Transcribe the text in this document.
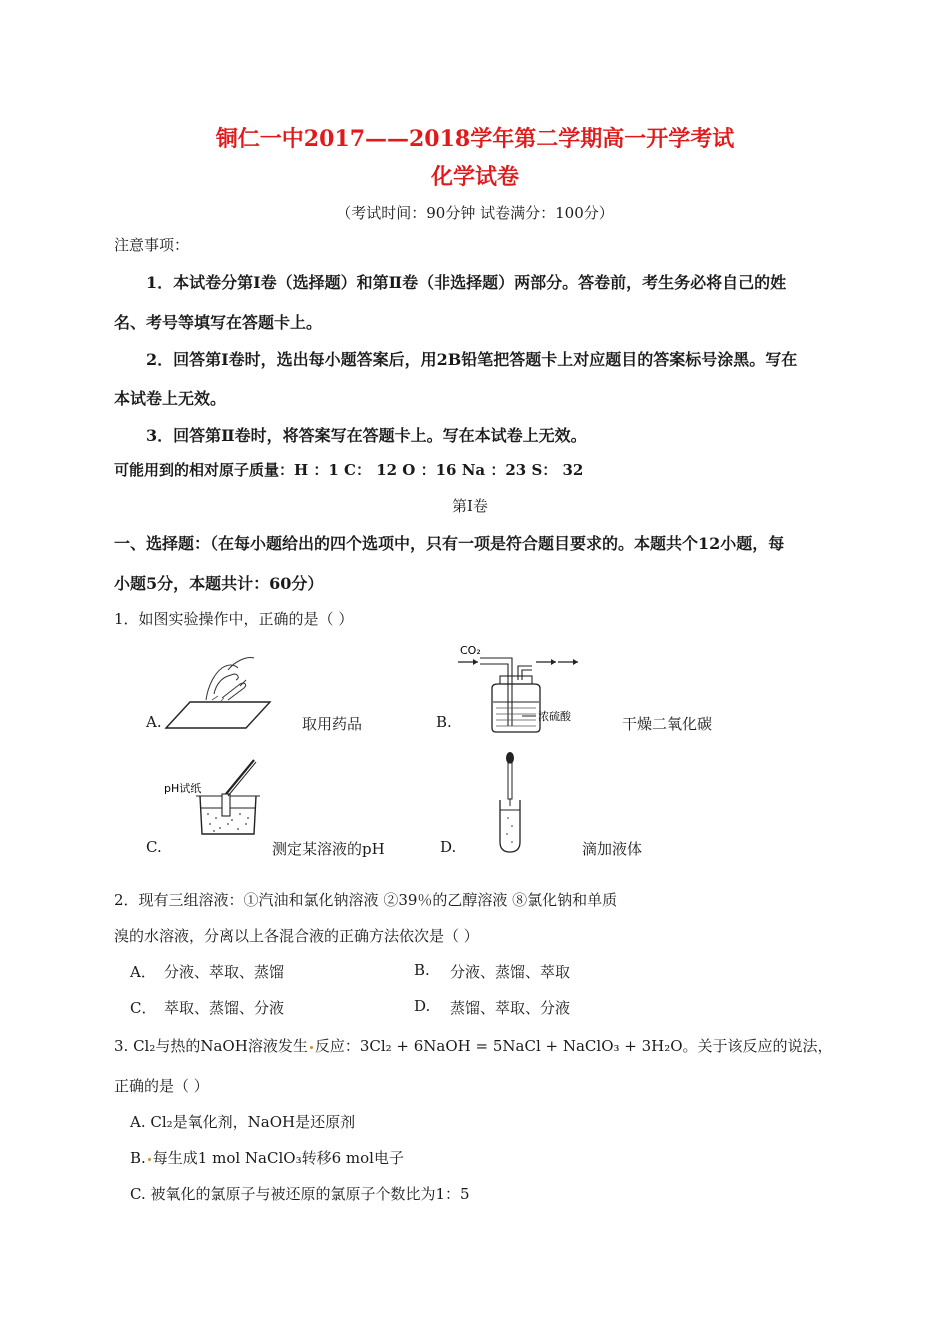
铜仁一中2017——2018学年第二学期高一开学考试
化学试卷
（考试时间：90分钟 试卷满分：100分）
注意事项：
1．本试卷分第Ⅰ卷（选择题）和第Ⅱ卷（非选择题）两部分。答卷前，考生务必将自己的姓
名、考号等填写在答题卡上。
2．回答第Ⅰ卷时，选出每小题答案后，用2B铅笔把答题卡上对应题目的答案标号涂黑。写在
本试卷上无效。
3．回答第Ⅱ卷时，将答案写在答题卡上。写在本试卷上无效。
可能用到的相对原子质量：H ：1 C： 12 O ：16 Na ：23 S： 32
第Ⅰ卷
一、选择题：（在每小题给出的四个选项中，只有一项是符合题目要求的。本题共个12小题，每
小题5分，本题共计：60分）
1．如图实验操作中，正确的是（ ）
A.	取用药品
CO₂
浓硫酸
B.	干燥二氧化碳
pH试纸
C.	测定某溶液的pH	D.	滴加液体
2．现有三组溶液：①汽油和氯化钠溶液 ②39％的乙醇溶液 ⑧氯化钠和单质
溴的水溶液，分离以上各混合液的正确方法依次是（ ）
A． 分液、萃取、蒸馏	B. 分液、蒸馏、萃取
C． 萃取、蒸馏、分液	D. 蒸馏、萃取、分液
3. Cl₂与热的NaOH溶液发生 反应：3Cl₂ + 6NaOH = 5NaCl + NaClO₃ + 3H₂O。关于该反应的说法，
正确的是（ ）
A. Cl₂是氧化剂，NaOH是还原剂
B. 每生成1 mol NaClO₃转移6 mol电子
C. 被氧化的氯原子与被还原的氯原子个数比为1：5
